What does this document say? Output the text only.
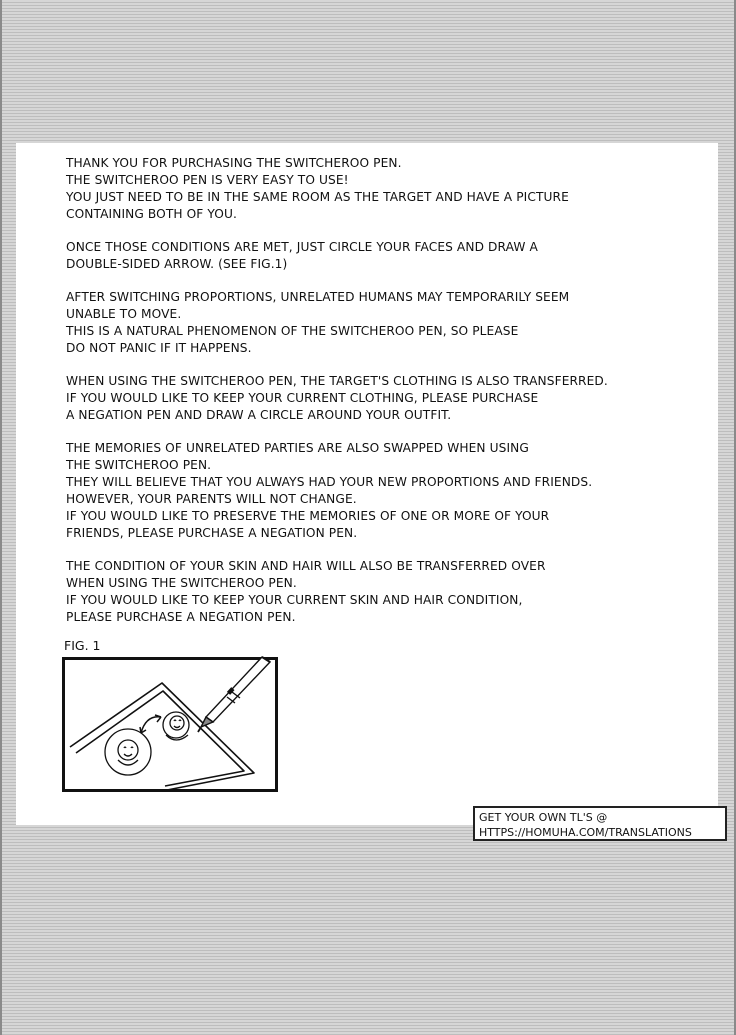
THANK YOU FOR PURCHASING THE SWITCHEROO PEN.
THE SWITCHEROO PEN IS VERY EASY TO USE!
YOU JUST NEED TO BE IN THE SAME ROOM AS THE TARGET AND HAVE A PICTURE
CONTAINING BOTH OF YOU.
ONCE THOSE CONDITIONS ARE MET, JUST CIRCLE YOUR FACES AND DRAW A
DOUBLE-SIDED ARROW. (SEE FIG.1)
AFTER SWITCHING PROPORTIONS, UNRELATED HUMANS MAY TEMPORARILY SEEM
UNABLE TO MOVE.
THIS IS A NATURAL PHENOMENON OF THE SWITCHEROO PEN, SO PLEASE
DO NOT PANIC IF IT HAPPENS.
WHEN USING THE SWITCHEROO PEN, THE TARGET'S CLOTHING IS ALSO TRANSFERRED.
IF YOU WOULD LIKE TO KEEP YOUR CURRENT CLOTHING, PLEASE PURCHASE
A NEGATION PEN AND DRAW A CIRCLE AROUND YOUR OUTFIT.
THE MEMORIES OF UNRELATED PARTIES ARE ALSO SWAPPED WHEN USING
THE SWITCHEROO PEN.
THEY WILL BELIEVE THAT YOU ALWAYS HAD YOUR NEW PROPORTIONS AND FRIENDS.
HOWEVER, YOUR PARENTS WILL NOT CHANGE.
IF YOU WOULD LIKE TO PRESERVE THE MEMORIES OF ONE OR MORE OF YOUR
FRIENDS, PLEASE PURCHASE A NEGATION PEN.
THE CONDITION OF YOUR SKIN AND HAIR WILL ALSO BE TRANSFERRED OVER
WHEN USING THE SWITCHEROO PEN.
IF YOU WOULD LIKE TO KEEP YOUR CURRENT SKIN AND HAIR CONDITION,
PLEASE PURCHASE A NEGATION PEN.
FIG. 1
GET YOUR OWN TL'S @
HTTPS://HOMUHA.COM/TRANSLATIONS
